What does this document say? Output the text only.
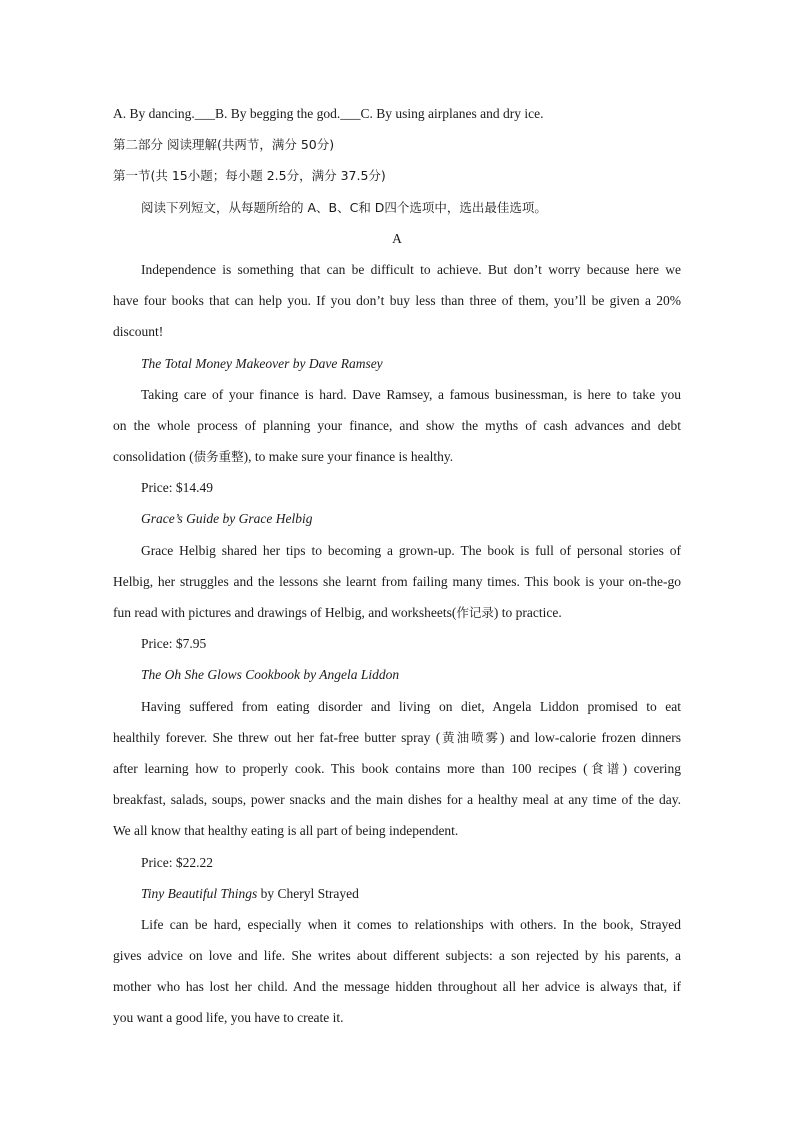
A. By dancing.___B. By begging the god.___C. By using airplanes and dry ice.
第二部分 阅读理解(共两节，满分 50分)
第一节(共 15小题；每小题 2.5分，满分 37.5分)
阅读下列短文，从每题所给的 A、B、C和 D四个选项中，选出最佳选项。
A
Independence is something that can be difficult to achieve. But don’t worry because here we
have four books that can help you. If you don’t buy less than three of them, you’ll be given a 20%
discount!
The Total Money Makeover by Dave Ramsey
Taking care of your finance is hard. Dave Ramsey, a famous businessman, is here to take you
on the whole process of planning your finance, and show the myths of cash advances and debt
consolidation (债务重整), to make sure your finance is healthy.
Price: $14.49
Grace’s Guide by Grace Helbig
Grace Helbig shared her tips to becoming a grown-up. The book is full of personal stories of
Helbig, her struggles and the lessons she learnt from failing many times. This book is your on-the-go
fun read with pictures and drawings of Helbig, and worksheets(作记录) to practice.
Price: $7.95
The Oh She Glows Cookbook by Angela Liddon
Having suffered from eating disorder and living on diet, Angela Liddon promised to eat
healthily forever. She threw out her fat-free butter spray (黄油喷雾) and low-calorie frozen dinners
after learning how to properly cook. This book contains more than 100 recipes (食谱) covering
breakfast, salads, soups, power snacks and the main dishes for a healthy meal at any time of the day.
We all know that healthy eating is all part of being independent.
Price: $22.22
Tiny Beautiful Things by Cheryl Strayed
Life can be hard, especially when it comes to relationships with others. In the book, Strayed
gives advice on love and life. She writes about different subjects: a son rejected by his parents, a
mother who has lost her child. And the message hidden throughout all her advice is always that, if
you want a good life, you have to create it.
